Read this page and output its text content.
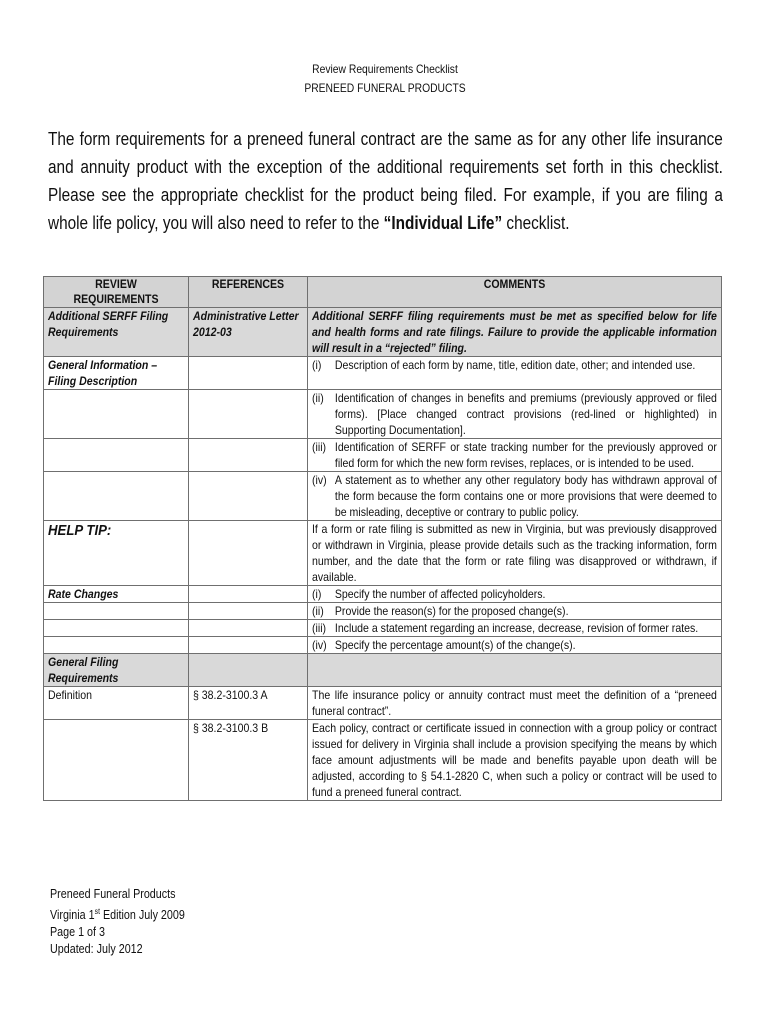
Review Requirements Checklist
PRENEED FUNERAL PRODUCTS
The form requirements for a preneed funeral contract are the same as for any other life insurance and annuity product with the exception of the additional requirements set forth in this checklist. Please see the appropriate checklist for the product being filed. For example, if you are filing a whole life policy, you will also need to refer to the “Individual Life” checklist.
REVIEW REQUIREMENTS	REFERENCES	COMMENTS

Additional SERFF Filing Requirements	Administrative Letter 2012-03	Additional SERFF filing requirements must be met as specified below for life and health forms and rate filings. Failure to provide the applicable information will result in a “rejected” filing.

General Information – Filing Description		(i) Description of each form by name, title, edition date, other; and intended use.

		(ii) Identification of changes in benefits and premiums (previously approved or filed forms). [Place changed contract provisions (red-lined or highlighted) in Supporting Documentation].

		(iii) Identification of SERFF or state tracking number for the previously approved or filed form for which the new form revises, replaces, or is intended to be used.

		(iv) A statement as to whether any other regulatory body has withdrawn approval of the form because the form contains one or more provisions that were deemed to be misleading, deceptive or contrary to public policy.

HELP TIP:		If a form or rate filing is submitted as new in Virginia, but was previously disapproved or withdrawn in Virginia, please provide details such as the tracking information, form number, and the date that the form or rate filing was disapproved or withdrawn, if available.

Rate Changes		(i) Specify the number of affected policyholders.

		(ii) Provide the reason(s) for the proposed change(s).

		(iii) Include a statement regarding an increase, decrease, revision of former rates.

		(iv) Specify the percentage amount(s) of the change(s).

General Filing Requirements		

Definition	§ 38.2-3100.3 A	The life insurance policy or annuity contract must meet the definition of a “preneed funeral contract”.

	§ 38.2-3100.3 B	Each policy, contract or certificate issued in connection with a group policy or contract issued for delivery in Virginia shall include a provision specifying the means by which face amount adjustments will be made and benefits payable upon death will be adjusted, according to § 54.1-2820 C, when such a policy or contract will be used to fund a preneed funeral contract.
Preneed Funeral Products
Virginia 1st Edition July 2009
Page 1 of 3
Updated: July 2012
